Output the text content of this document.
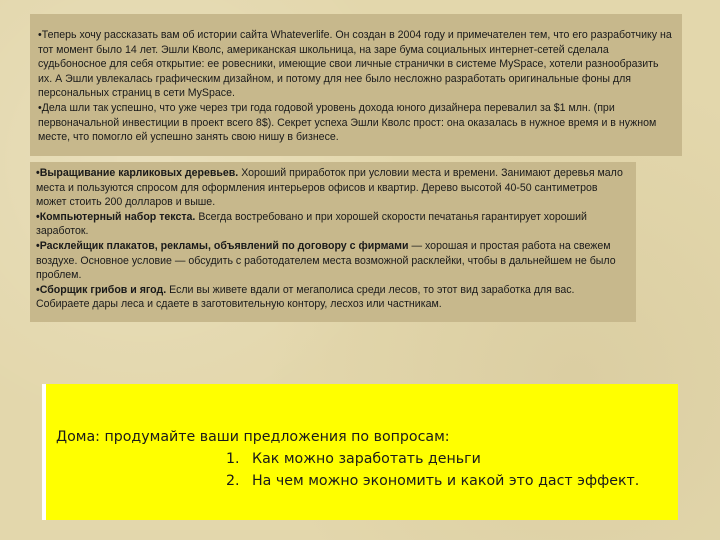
•Теперь хочу рассказать вам об истории сайта Whateverlife. Он создан в 2004 году и примечателен тем, что его разработчику на тот момент было 14 лет. Эшли Кволс, американская школьница, на заре бума социальных интернет-сетей сделала судьбоносное для себя открытие: ее ровесники, имеющие свои личные странички в системе MySpace, хотели разнообразить их. А Эшли увлекалась графическим дизайном, и потому для нее было несложно разработать оригинальные фоны для персональных страниц в сети MySpace.

•Дела шли так успешно, что уже через три года годовой уровень дохода юного дизайнера перевалил за $1 млн. (при первоначальной инвестиции в проект всего 8$). Секрет успеха Эшли Кволс прост: она оказалась в нужное время и в нужном месте, что помогло ей успешно занять свою нишу в бизнесе.

•Выращивание карликовых деревьев. Хороший приработок при условии места и времени. Занимают деревья мало места и пользуются спросом для оформления интерьеров офисов и квартир. Дерево высотой 40-50 сантиметров может стоить 200 долларов и выше.

•Компьютерный набор текста. Всегда востребовано и при хорошей скорости печатанья гарантирует хороший заработок.

•Расклейщик плакатов, рекламы, объявлений по договору с фирмами — хорошая и простая работа на свежем воздухе. Основное условие — обсудить с работодателем места возможной расклейки, чтобы в дальнейшем не было проблем.

•Сборщик грибов и ягод. Если вы живете вдали от мегаполиса среди лесов, то этот вид заработка для вас. Собираете дары леса и сдаете в заготовительную контору, лесхоз или частникам.

Дома: продумайте ваши предложения по вопросам:

1. Как можно заработать деньги
2. На чем можно экономить и какой это даст эффект.
